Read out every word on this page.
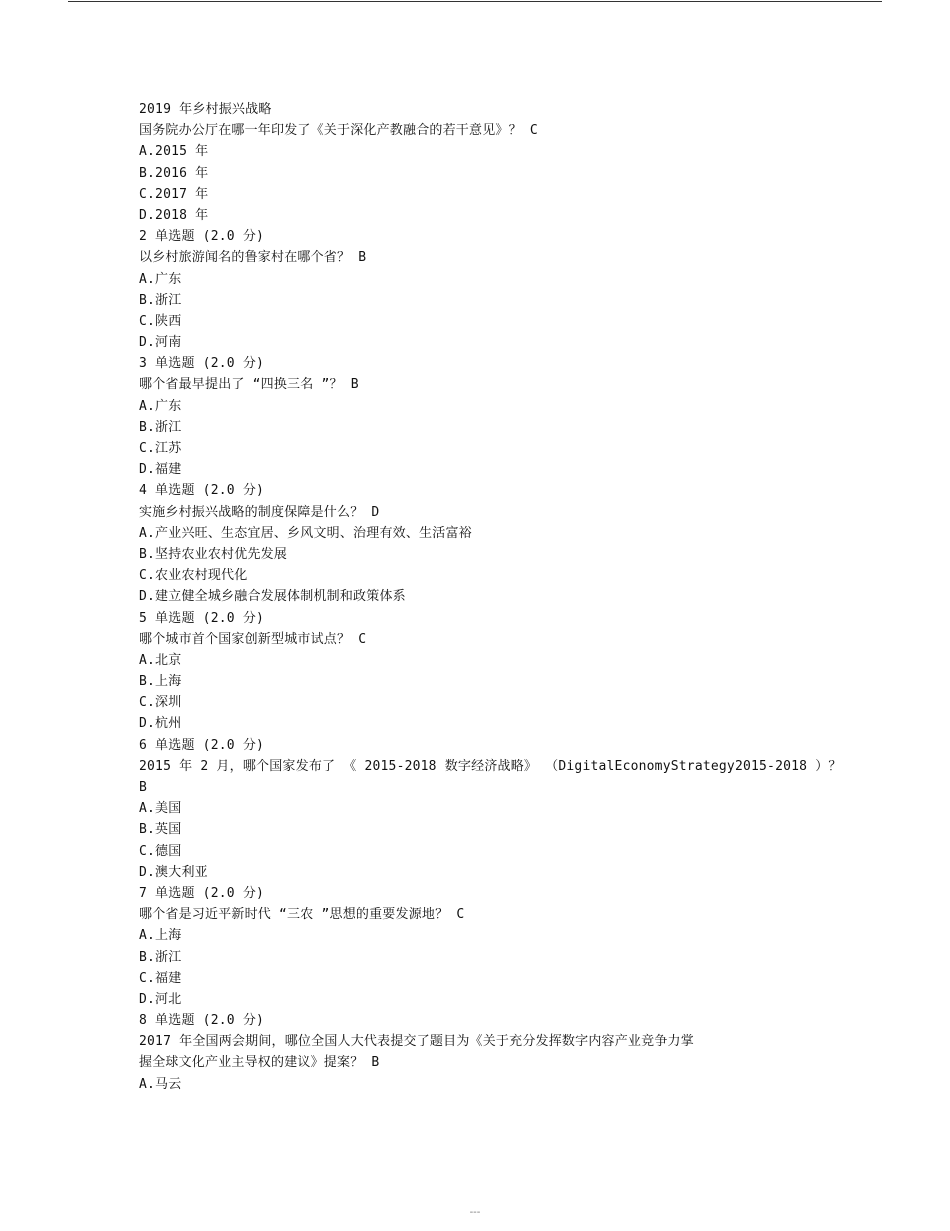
2019 年乡村振兴战略
国务院办公厅在哪一年印发了《关于深化产教融合的若干意见》？ C
A.2015 年
B.2016 年
C.2017 年
D.2018 年
2 单选题 (2.0 分)
以乡村旅游闻名的鲁家村在哪个省？ B
A.广东
B.浙江
C.陕西
D.河南
3 单选题 (2.0 分)
哪个省最早提出了 “四换三名 ”？ B
A.广东
B.浙江
C.江苏
D.福建
4 单选题 (2.0 分)
实施乡村振兴战略的制度保障是什么？ D
A.产业兴旺、生态宜居、乡风文明、治理有效、生活富裕
B.坚持农业农村优先发展
C.农业农村现代化
D.建立健全城乡融合发展体制机制和政策体系
5 单选题 (2.0 分)
哪个城市首个国家创新型城市试点？ C
A.北京
B.上海
C.深圳
D.杭州
6 单选题 (2.0 分)
2015 年 2 月，哪个国家发布了 《 2015-2018 数字经济战略》 （DigitalEconomyStrategy2015-2018 ）？
B
A.美国
B.英国
C.德国
D.澳大利亚
7 单选题 (2.0 分)
哪个省是习近平新时代 “三农 ”思想的重要发源地？ C
A.上海
B.浙江
C.福建
D.河北
8 单选题 (2.0 分)
2017 年全国两会期间，哪位全国人大代表提交了题目为《关于充分发挥数字内容产业竞争力掌
握全球文化产业主导权的建议》提案？ B
A.马云
---
